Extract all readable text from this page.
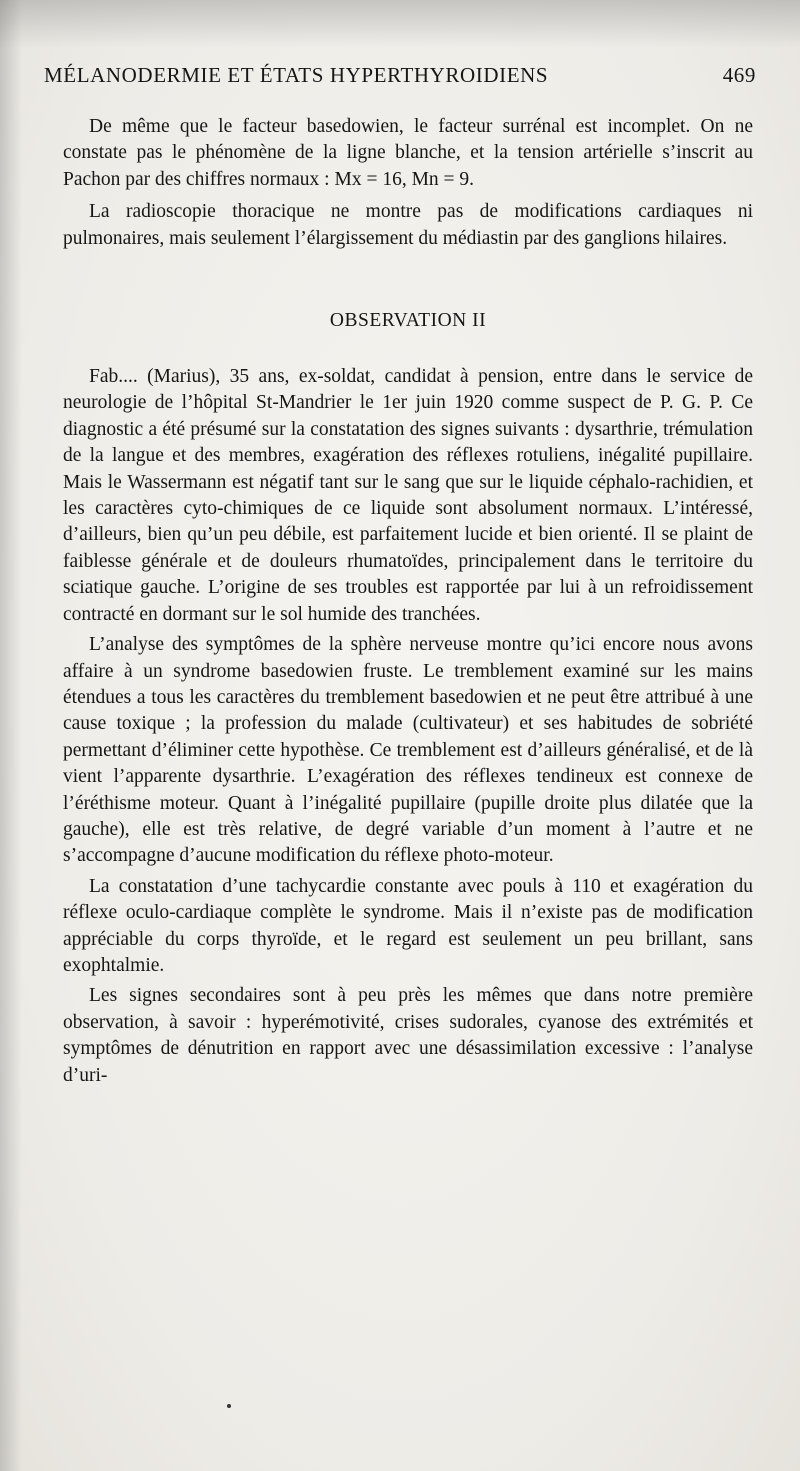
MÉLANODERMIE ET ÉTATS HYPERTHYROIDIENS	469

De même que le facteur basedowien, le facteur surrénal est incomplet. On ne constate pas le phénomène de la ligne blanche, et la tension artérielle s’inscrit au Pachon par des chiffres normaux : Mx = 16, Mn = 9.

La radioscopie thoracique ne montre pas de modifications cardiaques ni pulmonaires, mais seulement l’élargissement du médiastin par des ganglions hilaires.

OBSERVATION II

Fab.... (Marius), 35 ans, ex-soldat, candidat à pension, entre dans le service de neurologie de l’hôpital St-Mandrier le 1er juin 1920 comme suspect de P. G. P. Ce diagnostic a été présumé sur la constatation des signes suivants : dysarthrie, trémulation de la langue et des membres, exagération des réflexes rotuliens, inégalité pupillaire. Mais le Wassermann est négatif tant sur le sang que sur le liquide céphalo-rachidien, et les caractères cyto-chimiques de ce liquide sont absolument normaux. L’intéressé, d’ailleurs, bien qu’un peu débile, est parfaitement lucide et bien orienté. Il se plaint de faiblesse générale et de douleurs rhumatoïdes, principalement dans le territoire du sciatique gauche. L’origine de ses troubles est rapportée par lui à un refroidissement contracté en dormant sur le sol humide des tranchées.

L’analyse des symptômes de la sphère nerveuse montre qu’ici encore nous avons affaire à un syndrome basedowien fruste. Le tremblement examiné sur les mains étendues a tous les caractères du tremblement basedowien et ne peut être attribué à une cause toxique ; la profession du malade (cultivateur) et ses habitudes de sobriété permettant d’éliminer cette hypothèse. Ce tremblement est d’ailleurs généralisé, et de là vient l’apparente dysarthrie. L’exagération des réflexes tendineux est connexe de l’éréthisme moteur. Quant à l’inégalité pupillaire (pupille droite plus dilatée que la gauche), elle est très relative, de degré variable d’un moment à l’autre et ne s’accompagne d’aucune modification du réflexe photo-moteur.

La constatation d’une tachycardie constante avec pouls à 110 et exagération du réflexe oculo-cardiaque complète le syndrome. Mais il n’existe pas de modification appréciable du corps thyroïde, et le regard est seulement un peu brillant, sans exophtalmie.

Les signes secondaires sont à peu près les mêmes que dans notre première observation, à savoir : hyperémotivité, crises sudorales, cyanose des extrémités et symptômes de dénutrition en rapport avec une désassimilation excessive : l’analyse d’uri-
